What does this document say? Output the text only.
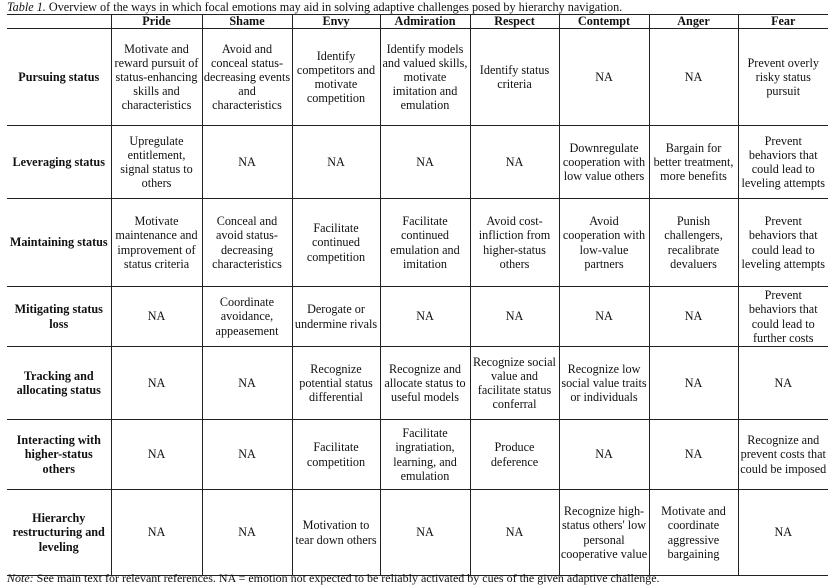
Table 1. Overview of the ways in which focal emotions may aid in solving adaptive challenges posed by hierarchy navigation.
	Pride	Shame	Envy	Admiration	Respect	Contempt	Anger	Fear
Pursuing status	Motivate and reward pursuit of status-enhancing skills and characteristics	Avoid and conceal status-decreasing events and characteristics	Identify competitors and motivate competition	Identify models and valued skills, motivate imitation and emulation	Identify status criteria	NA	NA	Prevent overly risky status pursuit
Leveraging status	Upregulate entitlement, signal status to others	NA	NA	NA	NA	Downregulate cooperation with low value others	Bargain for better treatment, more benefits	Prevent behaviors that could lead to leveling attempts
Maintaining status	Motivate maintenance and improvement of status criteria	Conceal and avoid status-decreasing characteristics	Facilitate continued competition	Facilitate continued emulation and imitation	Avoid cost-infliction from higher-status others	Avoid cooperation with low-value partners	Punish challengers, recalibrate devaluers	Prevent behaviors that could lead to leveling attempts
Mitigating status loss	NA	Coordinate avoidance, appeasement	Derogate or undermine rivals	NA	NA	NA	NA	Prevent behaviors that could lead to further costs
Tracking and allocating status	NA	NA	Recognize potential status differential	Recognize and allocate status to useful models	Recognize social value and facilitate status conferral	Recognize low social value traits or individuals	NA	NA
Interacting with higher-status others	NA	NA	Facilitate competition	Facilitate ingratiation, learning, and emulation	Produce deference	NA	NA	Recognize and prevent costs that could be imposed
Hierarchy restructuring and leveling	NA	NA	Motivation to tear down others	NA	NA	Recognize high-status others' low personal cooperative value	Motivate and coordinate aggressive bargaining	NA
Note: See main text for relevant references. NA = emotion not expected to be reliably activated by cues of the given adaptive challenge.
